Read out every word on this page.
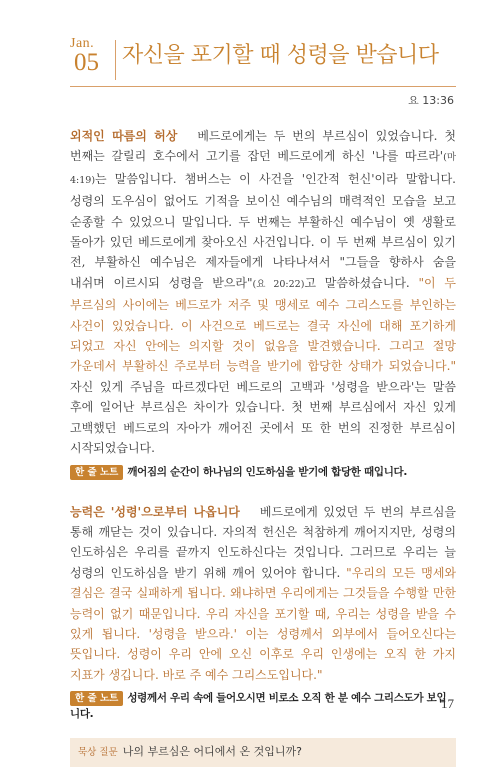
Jan.
05 자신을 포기할 때 성령을 받습니다
요 13:36

외적인 따름의 허상 베드로에게는 두 번의 부르심이 있었습니다. 첫 번째는 갈릴리 호수에서 고기를 잡던 베드로에게 하신 '나를 따르라'(마 4:19)는 말씀입니다. 챔버스는 이 사건을 '인간적 헌신'이라 말합니다. 성령의 도우심이 없어도 기적을 보이신 예수님의 매력적인 모습을 보고 순종할 수 있었으니 말입니다. 두 번째는 부활하신 예수님이 옛 생활로 돌아가 있던 베드로에게 찾아오신 사건입니다. 이 두 번째 부르심이 있기 전, 부활하신 예수님은 제자들에게 나타나셔서 "그들을 향하사 숨을 내쉬며 이르시되 성령을 받으라"(요 20:22)고 말씀하셨습니다. "이 두 부르심의 사이에는 베드로가 저주 및 맹세로 예수 그리스도를 부인하는 사건이 있었습니다. 이 사건으로 베드로는 결국 자신에 대해 포기하게 되었고 자신 안에는 의지할 것이 없음을 발견했습니다. 그리고 절망 가운데서 부활하신 주로부터 능력을 받기에 합당한 상태가 되었습니다." 자신 있게 주님을 따르겠다던 베드로의 고백과 '성령을 받으라'는 말씀 후에 일어난 부르심은 차이가 있습니다. 첫 번째 부르심에서 자신 있게 고백했던 베드로의 자아가 깨어진 곳에서 또 한 번의 진정한 부르심이 시작되었습니다.

한 줄 노트 깨어짐의 순간이 하나님의 인도하심을 받기에 합당한 때입니다.

능력은 '성령'으로부터 나옵니다 베드로에게 있었던 두 번의 부르심을 통해 깨닫는 것이 있습니다. 자의적 헌신은 척참하게 깨어지지만, 성령의 인도하심은 우리를 끝까지 인도하신다는 것입니다. 그러므로 우리는 늘 성령의 인도하심을 받기 위해 깨어 있어야 합니다. "우리의 모든 맹세와 결심은 결국 실패하게 됩니다. 왜냐하면 우리에게는 그것들을 수행할 만한 능력이 없기 때문입니다. 우리 자신을 포기할 때, 우리는 성령을 받을 수 있게 됩니다. '성령을 받으라.' 이는 성령께서 외부에서 들어오신다는 뜻입니다. 성령이 우리 안에 오신 이후로 우리 인생에는 오직 한 가지 지표가 생깁니다. 바로 주 예수 그리스도입니다."

한 줄 노트 성령께서 우리 속에 들어오시면 비로소 오직 한 분 예수 그리스도가 보입니다.
묵상 질문 나의 부르심은 어디에서 온 것입니까?
17
